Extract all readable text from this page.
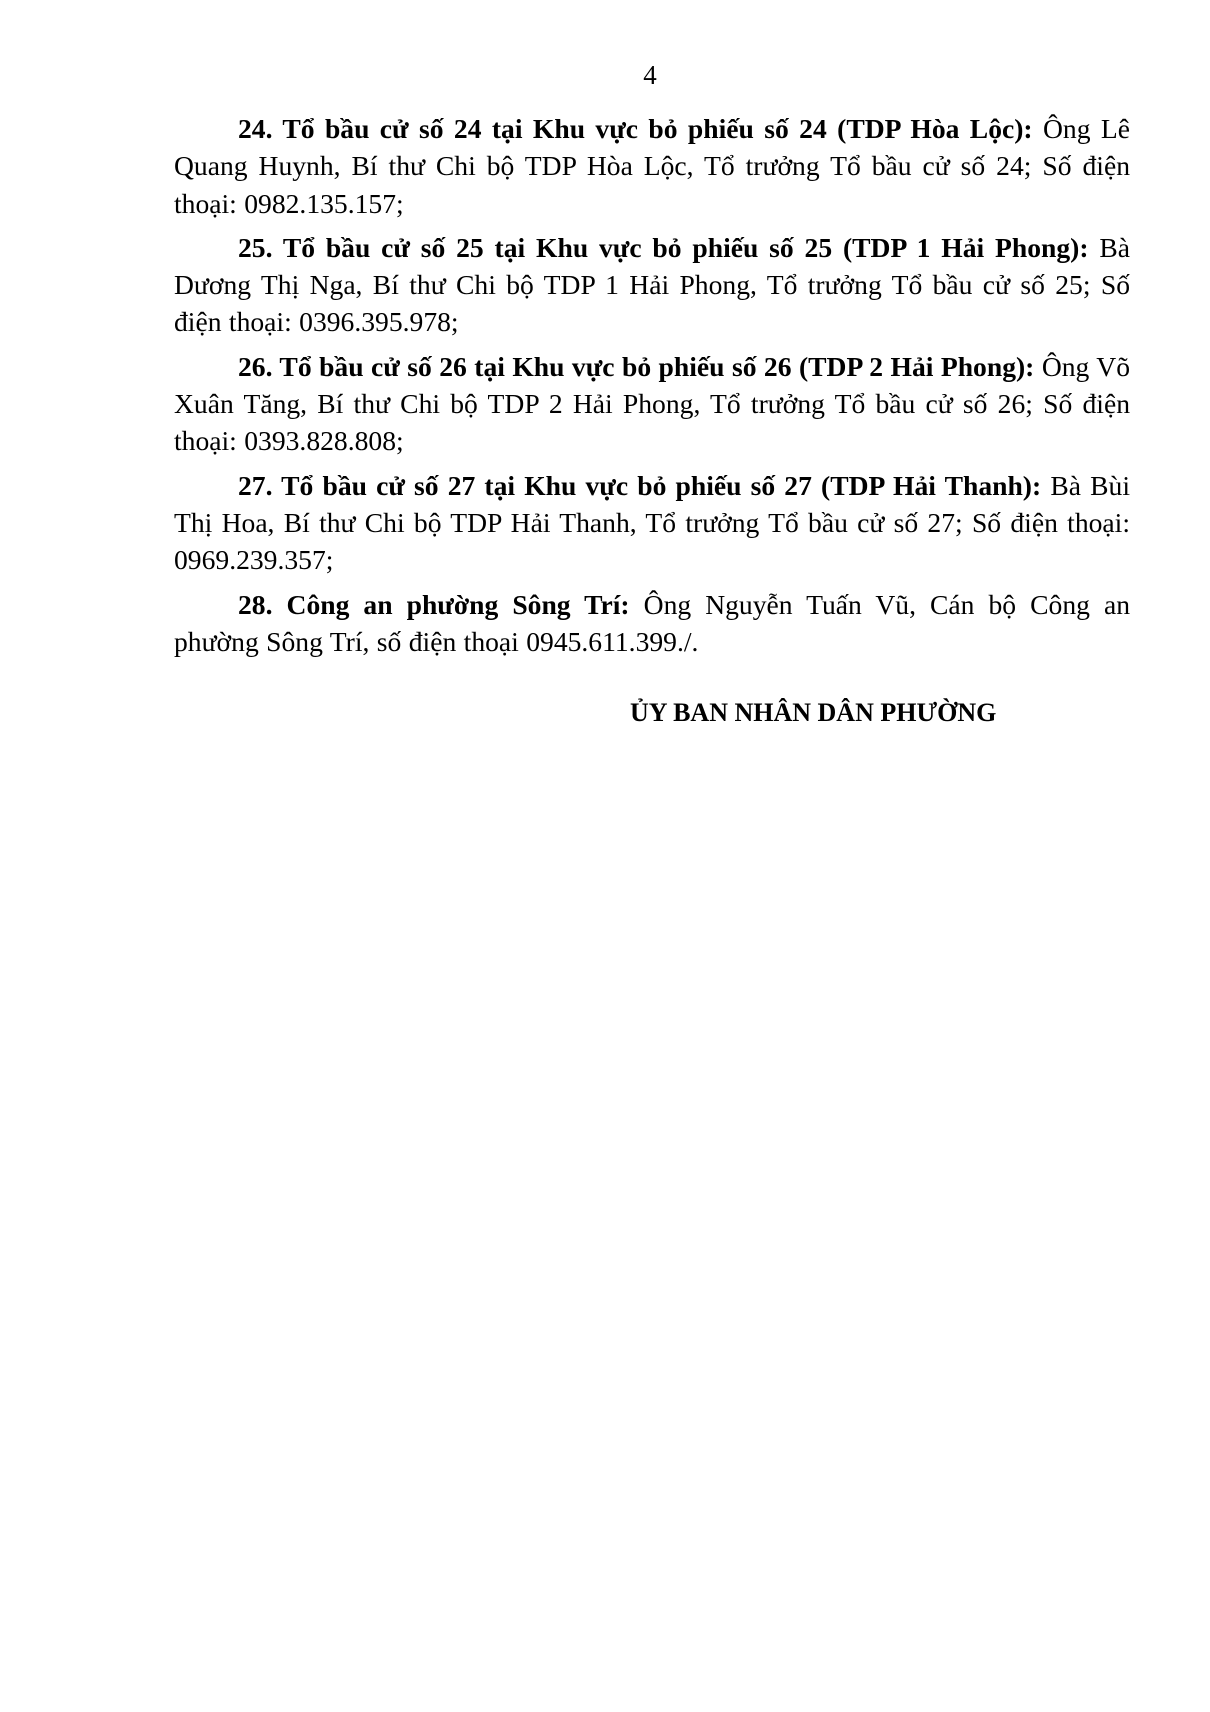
4

24. Tổ bầu cử số 24 tại Khu vực bỏ phiếu số 24 (TDP Hòa Lộc): Ông Lê Quang Huynh, Bí thư Chi bộ TDP Hòa Lộc, Tổ trưởng Tổ bầu cử số 24; Số điện thoại: 0982.135.157;

25. Tổ bầu cử số 25 tại Khu vực bỏ phiếu số 25 (TDP 1 Hải Phong): Bà Dương Thị Nga, Bí thư Chi bộ TDP 1 Hải Phong, Tổ trưởng Tổ bầu cử số 25; Số điện thoại: 0396.395.978;

26. Tổ bầu cử số 26 tại Khu vực bỏ phiếu số 26 (TDP 2 Hải Phong): Ông Võ Xuân Tăng, Bí thư Chi bộ TDP 2 Hải Phong, Tổ trưởng Tổ bầu cử số 26; Số điện thoại: 0393.828.808;

27. Tổ bầu cử số 27 tại Khu vực bỏ phiếu số 27 (TDP Hải Thanh): Bà Bùi Thị Hoa, Bí thư Chi bộ TDP Hải Thanh, Tổ trưởng Tổ bầu cử số 27; Số điện thoại: 0969.239.357;

28. Công an phường Sông Trí: Ông Nguyễn Tuấn Vũ, Cán bộ Công an phường Sông Trí, số điện thoại 0945.611.399./.

ỦY BAN NHÂN DÂN PHƯỜNG
